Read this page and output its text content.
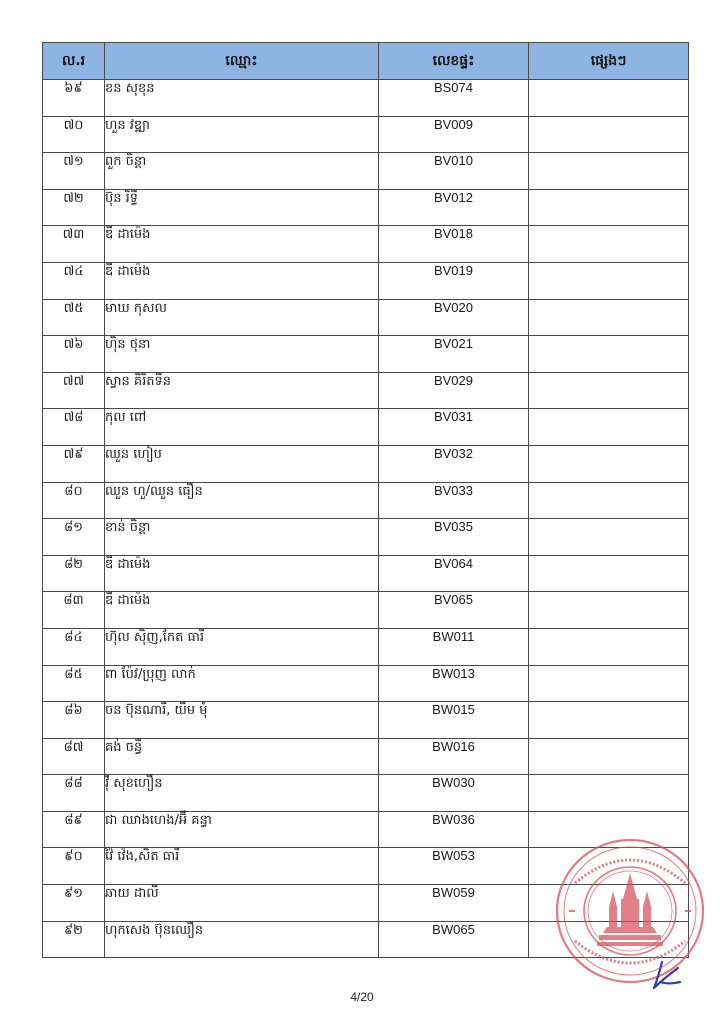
ល.រ	ឈ្មោះ	លេខផ្ទះ	ផ្សេងៗ
៦៩	ខន សុខុន	BS074	
៧០	ហួន វឌ្ឍា	BV009	
៧១	ពួក ចិន្តា	BV010	
៧២	ប៊ុន រិទ្ធី	BV012	
៧៣	ឌី ដាម៉េង	BV018	
៧៤	ឌី ដាម៉េង	BV019	
៧៥	មាឃ កុសល	BV020	
៧៦	ហ៊ិន ថុនា	BV021	
៧៧	ស្វាន គិរិតទីន	BV029	
៧៨	កុល ពៅ	BV031	
៧៩	ឈួន ហៀប	BV032	
៨០	ឈួន ហួ/ឈួន ធឿន	BV033	
៨១	ខាន់ ចិន្តា	BV035	
៨២	ឌី ដាម៉េង	BV064	
៨៣	ឌី ដាម៉េង	BV065	
៨៤	ហ៊ុល សុិញ,កែត ធារី	BW011	
៨៥	ពា ប៉ែវ/ប្រុញ លាក់	BW013	
៨៦	ចន ប៊ុនណារី, យឹម មុំ	BW015	
៨៧	គង់ ចន្ធី	BW016	
៨៨	វ៉ី សុខហឿន	BW030	
៨៩	ជា ឈាងហេង/អ៊ឹ គន្ធា	BW036	
៩០	វ៉ៃ វ៉េង,សិត ធារី	BW053	
៩១	ឆាយ ដាលី	BW059	
៩២	ហុកសេង ប៊ុនឈឿន	BW065	
4/20
